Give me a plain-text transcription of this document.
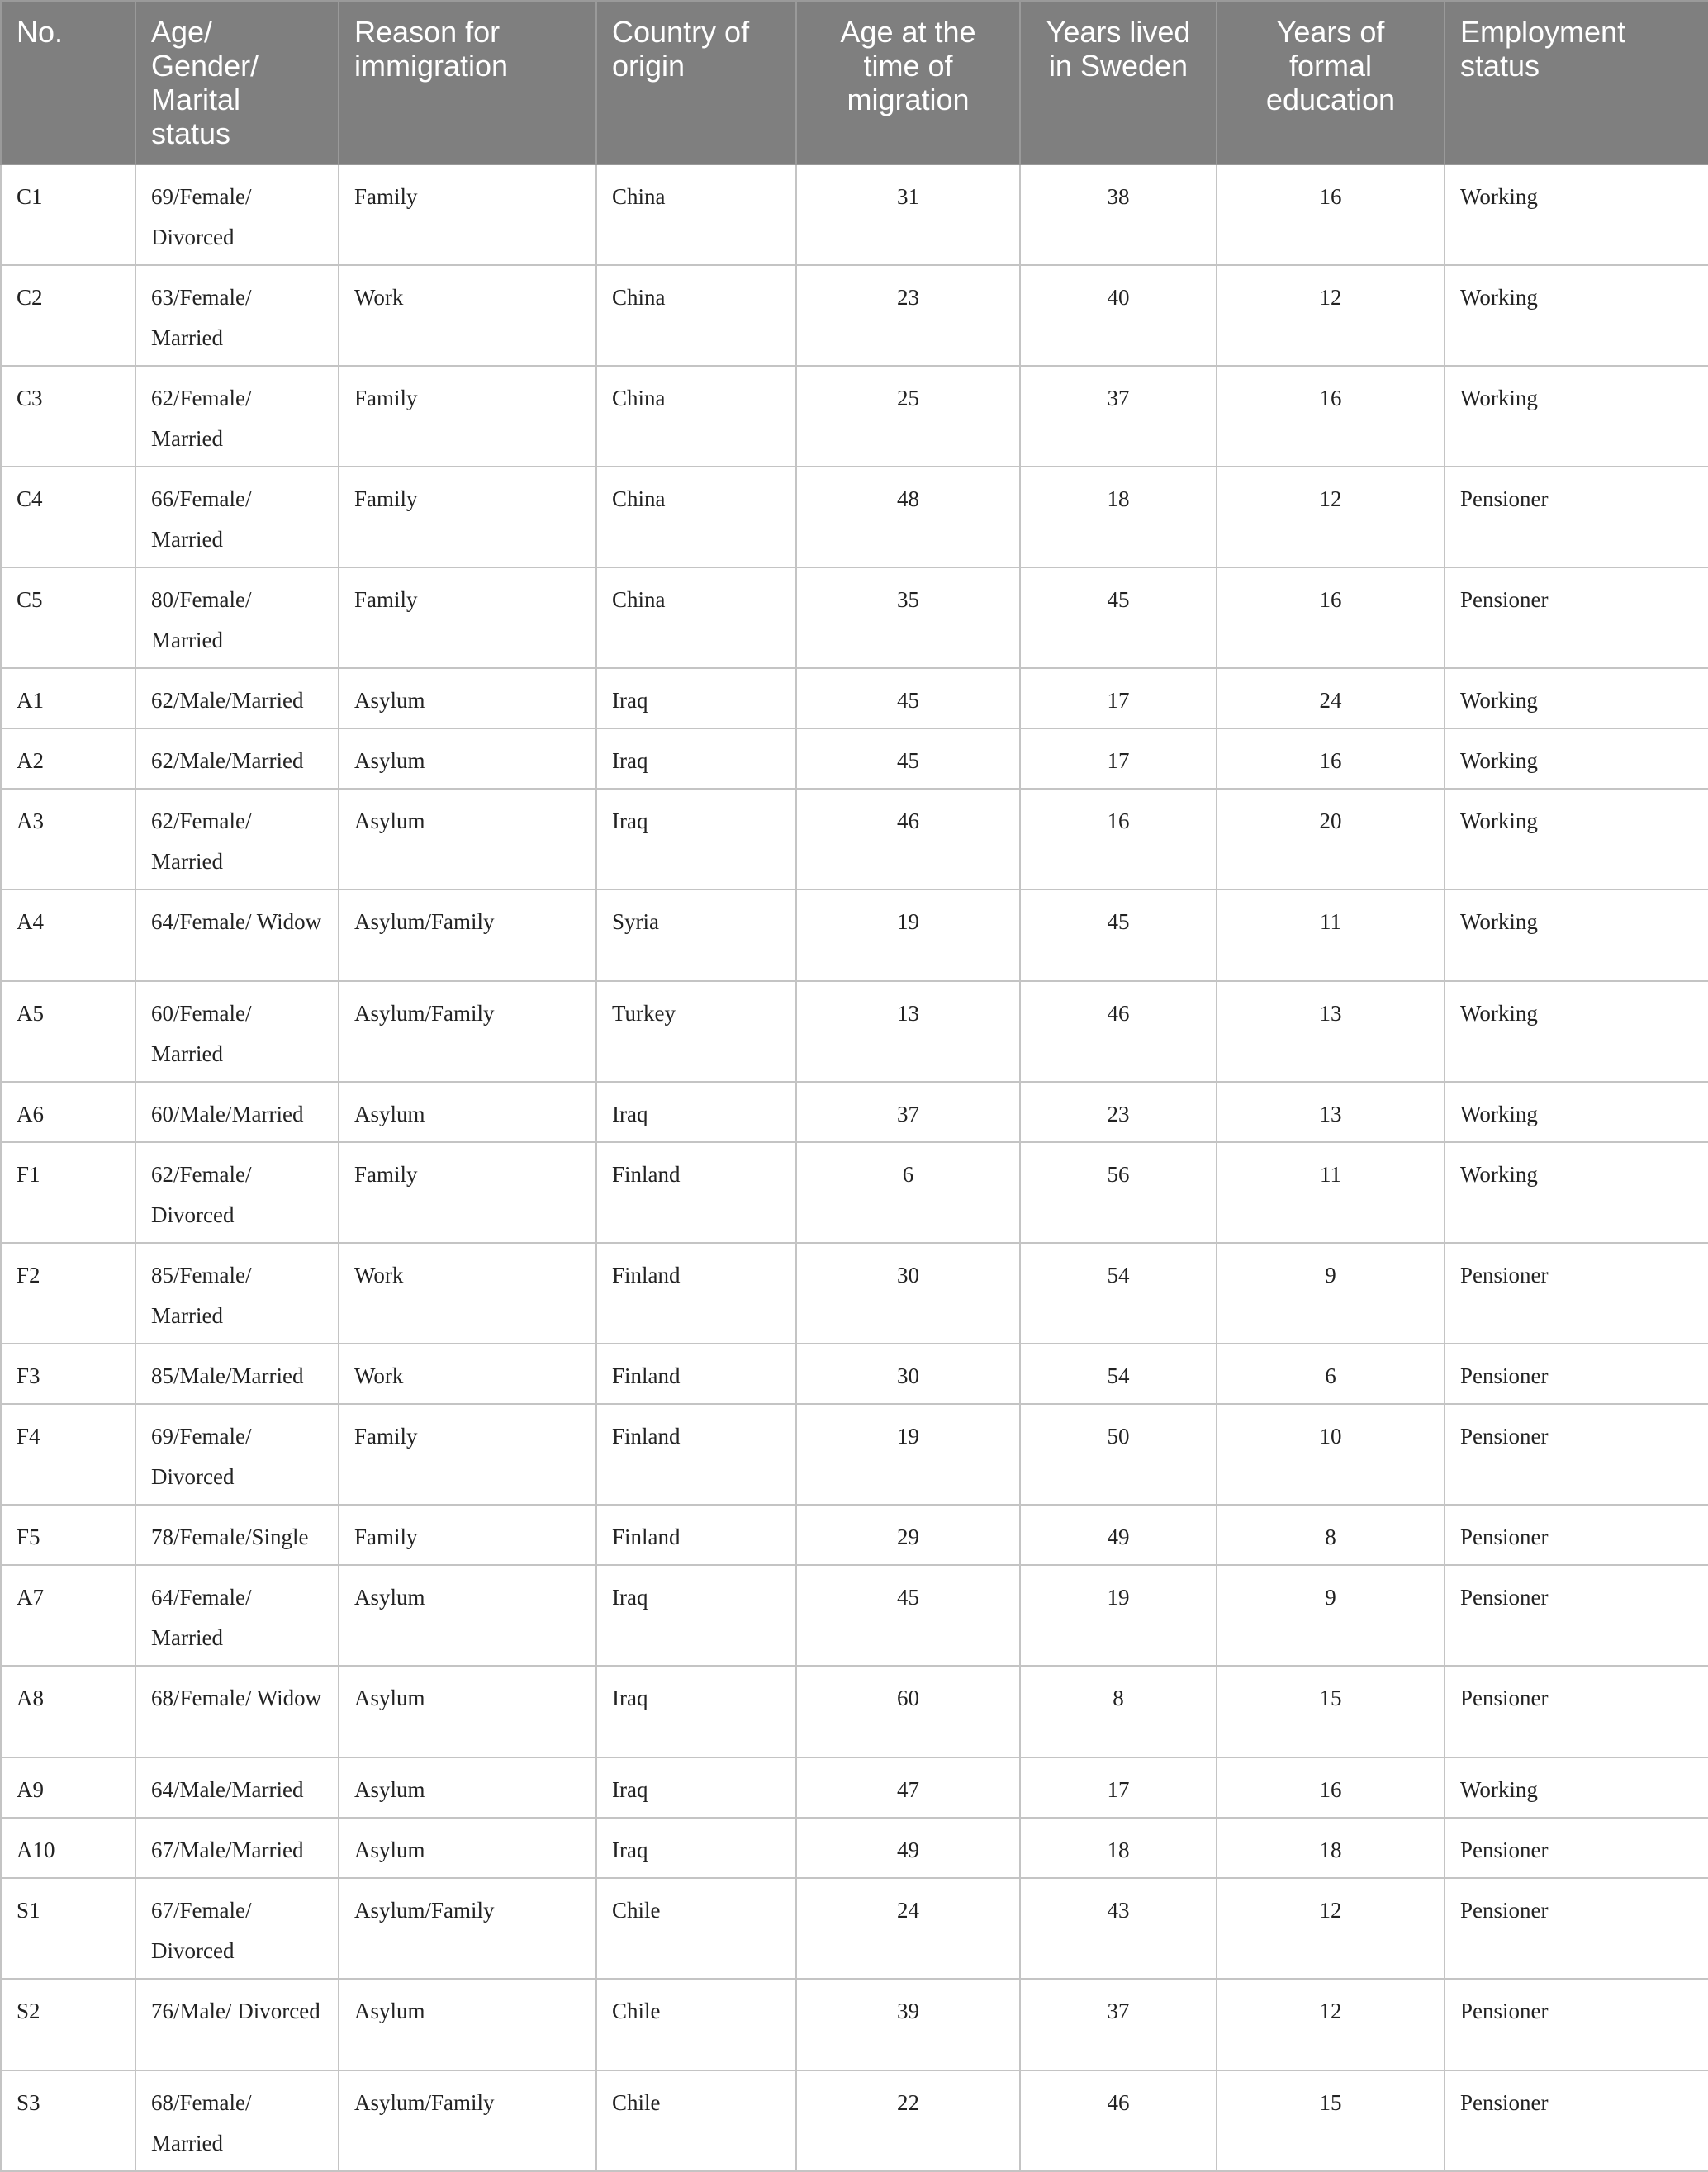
No.	Age/ Gender/ Marital status	Reason for immigration	Country of origin	Age at the time of migration	Years lived in Sweden	Years of formal education	Employment status
C1	69/Female/ Divorced	Family	China	31	38	16	Working
C2	63/Female/ Married	Work	China	23	40	12	Working
C3	62/Female/ Married	Family	China	25	37	16	Working
C4	66/Female/ Married	Family	China	48	18	12	Pensioner
C5	80/Female/ Married	Family	China	35	45	16	Pensioner
A1	62/Male/Married	Asylum	Iraq	45	17	24	Working
A2	62/Male/Married	Asylum	Iraq	45	17	16	Working
A3	62/Female/ Married	Asylum	Iraq	46	16	20	Working
A4	64/Female/ Widow	Asylum/Family	Syria	19	45	11	Working
A5	60/Female/ Married	Asylum/Family	Turkey	13	46	13	Working
A6	60/Male/Married	Asylum	Iraq	37	23	13	Working
F1	62/Female/ Divorced	Family	Finland	6	56	11	Working
F2	85/Female/ Married	Work	Finland	30	54	9	Pensioner
F3	85/Male/Married	Work	Finland	30	54	6	Pensioner
F4	69/Female/ Divorced	Family	Finland	19	50	10	Pensioner
F5	78/Female/Single	Family	Finland	29	49	8	Pensioner
A7	64/Female/ Married	Asylum	Iraq	45	19	9	Pensioner
A8	68/Female/ Widow	Asylum	Iraq	60	8	15	Pensioner
A9	64/Male/Married	Asylum	Iraq	47	17	16	Working
A10	67/Male/Married	Asylum	Iraq	49	18	18	Pensioner
S1	67/Female/ Divorced	Asylum/Family	Chile	24	43	12	Pensioner
S2	76/Male/ Divorced	Asylum	Chile	39	37	12	Pensioner
S3	68/Female/ Married	Asylum/Family	Chile	22	46	15	Pensioner
